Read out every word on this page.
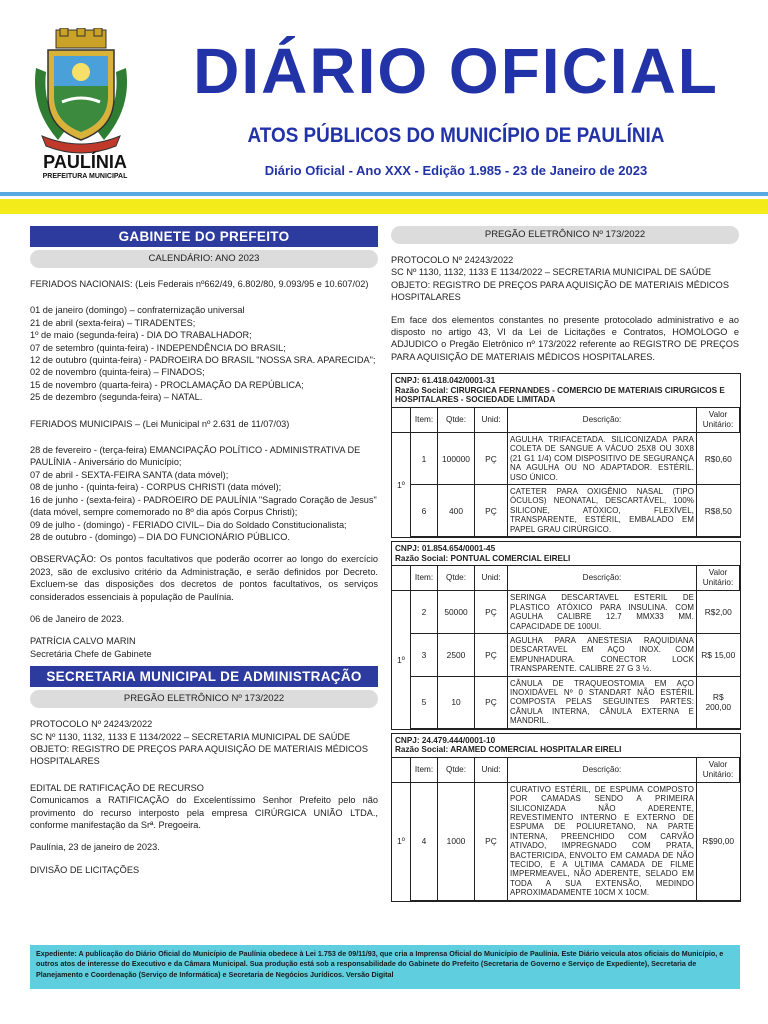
PAULÍNIA
PREFEITURA MUNICIPAL
DIÁRIO OFICIAL
ATOS PÚBLICOS DO MUNICÍPIO DE PAULÍNIA
Diário Oficial - Ano XXX - Edição 1.985 - 23 de Janeiro de 2023
GABINETE DO PREFEITO
CALENDÁRIO: ANO 2023

FERIADOS NACIONAIS: (Leis Federais nº662/49, 6.802/80, 9.093/95 e 10.607/02)

01 de janeiro (domingo) – confraternização universal
21 de abril (sexta-feira) – TIRADENTES;
1º de maio (segunda-feira) - DIA DO TRABALHADOR;
07 de setembro (quinta-feira) - INDEPENDÊNCIA DO BRASIL;
12 de outubro (quinta-feira) - PADROEIRA DO BRASIL "NOSSA SRA. APARECIDA";
02 de novembro (quinta-feira) – FINADOS;
15 de novembro (quarta-feira) - PROCLAMAÇÃO DA REPÚBLICA;
25 de dezembro (segunda-feira) – NATAL.

FERIADOS MUNICIPAIS – (Lei Municipal nº 2.631 de 11/07/03)

28 de fevereiro - (terça-feira) EMANCIPAÇÃO POLÍTICO - ADMINISTRATIVA DE PAULÍNIA - Aniversário do Município;
07 de abril - SEXTA-FEIRA SANTA (data móvel);
08 de junho - (quinta-feira) - CORPUS CHRISTI (data móvel);
16 de junho - (sexta-feira) - PADROEIRO DE PAULÍNIA "Sagrado Coração de Jesus" (data móvel, sempre comemorado no 8º dia após Corpus Christi);
09 de julho - (domingo) - FERIADO CIVIL– Dia do Soldado Constitucionalista;
28 de outubro - (domingo) – DIA DO FUNCIONÁRIO PÚBLICO.

OBSERVAÇÃO: Os pontos facultativos que poderão ocorrer ao longo do exercício 2023, são de exclusivo critério da Administração, e serão definidos por Decreto. Excluem-se das disposições dos decretos de pontos facultativos, os serviços considerados essenciais à população de Paulínia.

06 de Janeiro de 2023.

PATRÍCIA CALVO MARIN

Secretária Chefe de Gabinete

SECRETARIA MUNICIPAL DE ADMINISTRAÇÃO
PREGÃO ELETRÔNICO Nº 173/2022

PROTOCOLO Nº 24243/2022
SC Nº 1130, 1132, 1133 E 1134/2022 – SECRETARIA MUNICIPAL DE SAÚDE
OBJETO: REGISTRO DE PREÇOS PARA AQUISIÇÃO DE MATERIAIS MÉDICOS HOSPITALARES

EDITAL DE RATIFICAÇÃO DE RECURSO

Comunicamos a RATIFICAÇÃO do Excelentíssimo Senhor Prefeito pelo não provimento do recurso interposto pela empresa CIRÚRGICA UNIÃO LTDA., conforme manifestação da Srª. Pregoeira.

Paulínia, 23 de janeiro de 2023.

DIVISÃO DE LICITAÇÕES

PREGÃO ELETRÔNICO Nº 173/2022

PROTOCOLO Nº 24243/2022
SC Nº 1130, 1132, 1133 E 1134/2022 – SECRETARIA MUNICIPAL DE SAÚDE
OBJETO: REGISTRO DE PREÇOS PARA AQUISIÇÃO DE MATERIAIS MÉDICOS HOSPITALARES

Em face dos elementos constantes no presente protocolado administrativo e ao disposto no artigo 43, VI da Lei de Licitações e Contratos, HOMOLOGO e ADJUDICO o Pregão Eletrônico nº 173/2022 referente ao REGISTRO DE PREÇOS PARA AQUISIÇÃO DE MATERIAIS MÉDICOS HOSPITALARES.

CNPJ: 61.418.042/0001-31
Razão Social: CIRURGICA FERNANDES - COMERCIO DE MATERIAIS CIRURGICOS E HOSPITALARES - SOCIEDADE LIMITADA
	Item:	Qtde:	Unid:	Descrição:	Valor Unitário:
1º	1	100000	PÇ	AGULHA TRIFACETADA. SILICONIZADA PARA COLETA DE SANGUE A VÁCUO 25X8 OU 30X8 (21 G1 1/4) COM DISPOSITIVO DE SEGURANÇA NA AGULHA OU NO ADAPTADOR. ESTÉRIL. USO ÚNICO.	R$0,60
	6	400	PÇ	CATETER PARA OXIGÊNIO NASAL (TIPO ÓCULOS) NEONATAL, DESCARTÁVEL, 100% SILICONE, ATÓXICO, FLEXÍVEL, TRANSPARENTE, ESTÉRIL, EMBALADO EM PAPEL GRAU CIRÚRGICO.	R$8,50
CNPJ: 01.854.654/0001-45
Razão Social: PONTUAL COMERCIAL EIRELI
	Item:	Qtde:	Unid:	Descrição:	Valor Unitário:
1º	2	50000	PÇ	SERINGA DESCARTAVEL ESTERIL DE PLASTICO ATÓXICO PARA INSULINA. COM AGULHA CALIBRE 12.7 MMX33 MM. CAPACIDADE DE 100UI.	R$2,00
	3	2500	PÇ	AGULHA PARA ANESTESIA RAQUIDIANA DESCARTAVEL EM AÇO INOX. COM EMPUNHADURA. CONECTOR LOCK TRANSPARENTE. CALIBRE 27 G 3 ½.	R$ 15,00
	5	10	PÇ	CÂNULA DE TRAQUEOSTOMIA EM AÇO INOXIDÁVEL Nº 0 STANDART NÃO ESTÉRIL COMPOSTA PELAS SEGUINTES PARTES: CÂNULA INTERNA, CÂNULA EXTERNA E MANDRIL.	R$ 200,00
CNPJ: 24.479.444/0001-10
Razão Social: ARAMED COMERCIAL HOSPITALAR EIRELI
	Item:	Qtde:	Unid:	Descrição:	Valor Unitário:
1º	4	1000	PÇ	CURATIVO ESTÉRIL, DE ESPUMA COMPOSTO POR CAMADAS SENDO A PRIMEIRA SILICONIZADA NÃO ADERENTE, REVESTIMENTO INTERNO E EXTERNO DE ESPUMA DE POLIURETANO, NA PARTE INTERNA, PREENCHIDO COM CARVÃO ATIVADO, IMPREGNADO COM PRATA, BACTERICIDA, ENVOLTO EM CAMADA DE NÃO TECIDO, E A ULTIMA CAMADA DE FILME IMPERMEAVEL, NÃO ADERENTE, SELADO EM TODA A SUA EXTENSÃO, MEDINDO APROXIMADAMENTE 10CM X 10CM.	R$90,00
Expediente: A publicação do Diário Oficial do Município de Paulínia obedece à Lei 1.753 de 09/11/93, que cria a Imprensa Oficial do Município de Paulínia. Este Diário veicula atos oficiais do Município, e outros atos de interesse do Executivo e da Câmara Municipal. Sua produção está sob a responsabilidade do Gabinete do Prefeito (Secretaria de Governo e Serviço de Expediente), Secretaria de Planejamento e Coordenação (Serviço de Informática) e Secretaria de Negócios Jurídicos. Versão Digital
